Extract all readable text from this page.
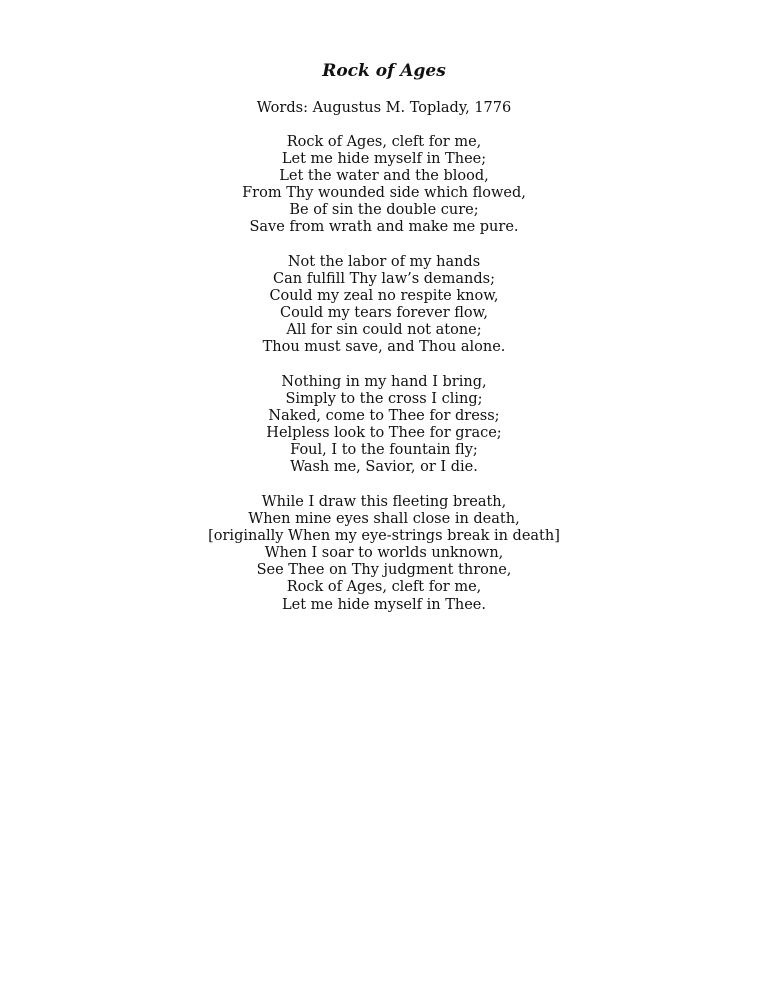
Rock of Ages
Words: Augustus M. Toplady, 1776
Rock of Ages, cleft for me,
Let me hide myself in Thee;
Let the water and the blood,
From Thy wounded side which flowed,
Be of sin the double cure;
Save from wrath and make me pure.
Not the labor of my hands
Can fulfill Thy law’s demands;
Could my zeal no respite know,
Could my tears forever flow,
All for sin could not atone;
Thou must save, and Thou alone.
Nothing in my hand I bring,
Simply to the cross I cling;
Naked, come to Thee for dress;
Helpless look to Thee for grace;
Foul, I to the fountain fly;
Wash me, Savior, or I die.
While I draw this fleeting breath,
When mine eyes shall close in death,
[originally When my eye-strings break in death]
When I soar to worlds unknown,
See Thee on Thy judgment throne,
Rock of Ages, cleft for me,
Let me hide myself in Thee.
